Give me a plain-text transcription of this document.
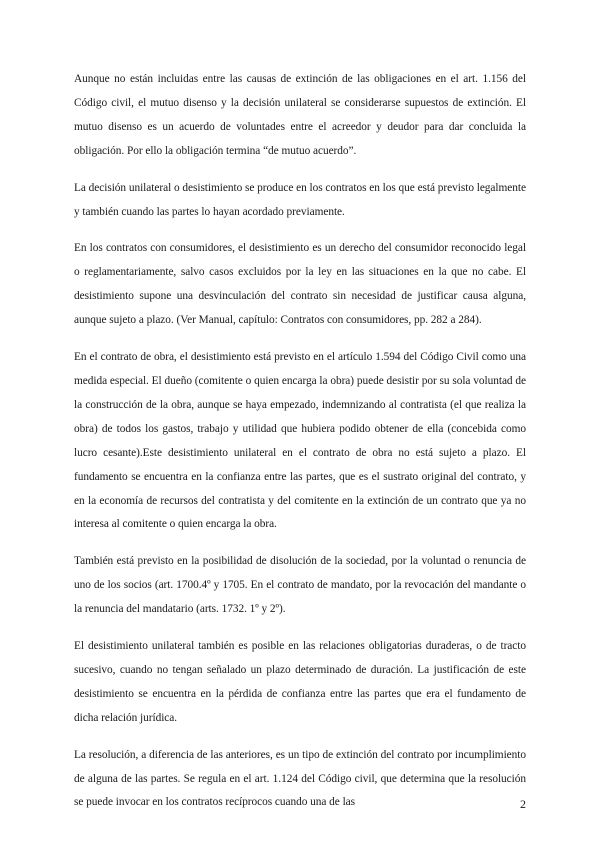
Aunque no están incluidas entre las causas de extinción de las obligaciones en el art. 1.156 del Código civil, el mutuo disenso y la decisión unilateral se considerarse supuestos de extinción. El mutuo disenso es un acuerdo de voluntades entre el acreedor y deudor para dar concluida la obligación. Por ello la obligación termina “de mutuo acuerdo”.

La decisión unilateral o desistimiento se produce en los contratos en los que está previsto legalmente y también cuando las partes lo hayan acordado previamente.

En los contratos con consumidores, el desistimiento es un derecho del consumidor reconocido legal o reglamentariamente, salvo casos excluidos por la ley en las situaciones en la que no cabe. El desistimiento supone una desvinculación del contrato sin necesidad de justificar causa alguna, aunque sujeto a plazo. (Ver Manual, capítulo: Contratos con consumidores, pp. 282 a 284).

En el contrato de obra, el desistimiento está previsto en el artículo 1.594 del Código Civil como una medida especial. El dueño (comitente o quien encarga la obra) puede desistir por su sola voluntad de la construcción de la obra, aunque se haya empezado, indemnizando al contratista (el que realiza la obra) de todos los gastos, trabajo y utilidad que hubiera podido obtener de ella (concebida como lucro cesante).Este desistimiento unilateral en el contrato de obra no está sujeto a plazo. El fundamento se encuentra en la confianza entre las partes, que es el sustrato original del contrato, y en la economía de recursos del contratista y del comitente en la extinción de un contrato que ya no interesa al comitente o quien encarga la obra.

También está previsto en la posibilidad de disolución de la sociedad, por la voluntad o renuncia de uno de los socios (art. 1700.4º y 1705. En el contrato de mandato, por la revocación del mandante o la renuncia del mandatario (arts. 1732. 1º y 2º).

El desistimiento unilateral también es posible en las relaciones obligatorias duraderas, o de tracto sucesivo, cuando no tengan señalado un plazo determinado de duración. La justificación de este desistimiento se encuentra en la pérdida de confianza entre las partes que era el fundamento de dicha relación jurídica.

La resolución, a diferencia de las anteriores, es un tipo de extinción del contrato por incumplimiento de alguna de las partes. Se regula en el art. 1.124 del Código civil, que determina que la resolución se puede invocar en los contratos recíprocos cuando una de las	2
